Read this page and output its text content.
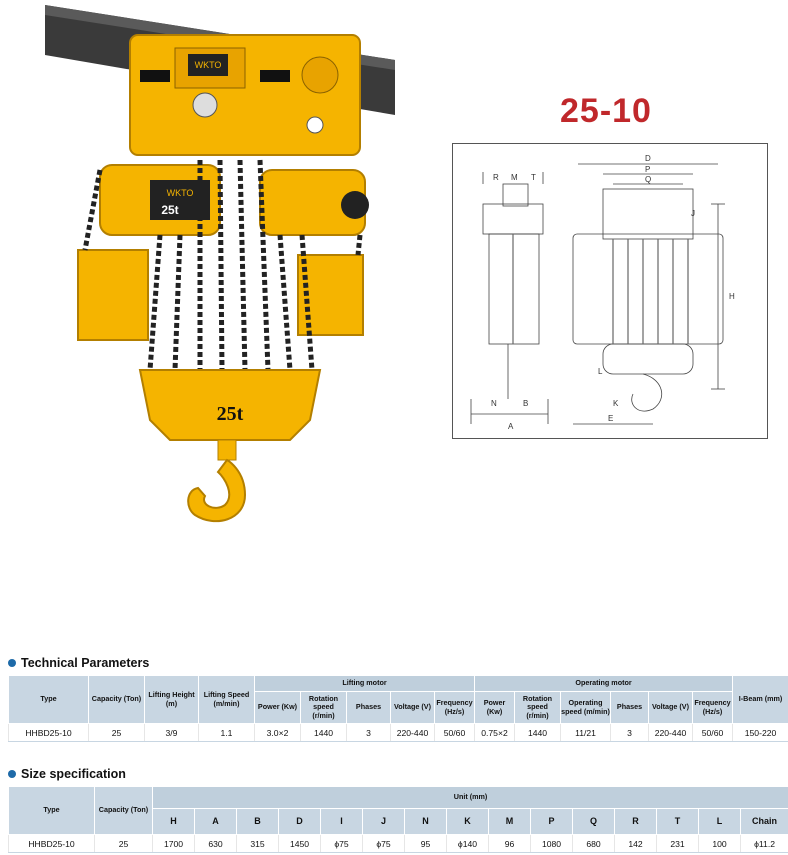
WKTO
WKTO
25t
25t
25-10
R M T
D
P
Q
J
H
N	B
A
L
K
E
Technical Parameters
Type	Capacity (Ton)	Lifting Height (m)	Lifting Speed (m/min)	Lifting motor					Operating motor						I-Beam (mm)
				Power (Kw)	Rotation speed (r/min)	Phases	Voltage (V)	Frequency (Hz/s)	Power (Kw)	Rotation speed (r/min)	Operating speed (m/min)	Phases	Voltage (V)	Frequency (Hz/s)	
HHBD25-10	25	3/9	1.1	3.0×2	1440	3	220-440	50/60	0.75×2	1440	11/21	3	220-440	50/60	150-220
Size specification
Type	Capacity (Ton)	Unit (mm)														
		H	A	B	D	I	J	N	K	M	P	Q	R	T	L	Chain
HHBD25-10	25	1700	630	315	1450	ϕ75	ϕ75	95	ϕ140	96	1080	680	142	231	100	ϕ11.2
